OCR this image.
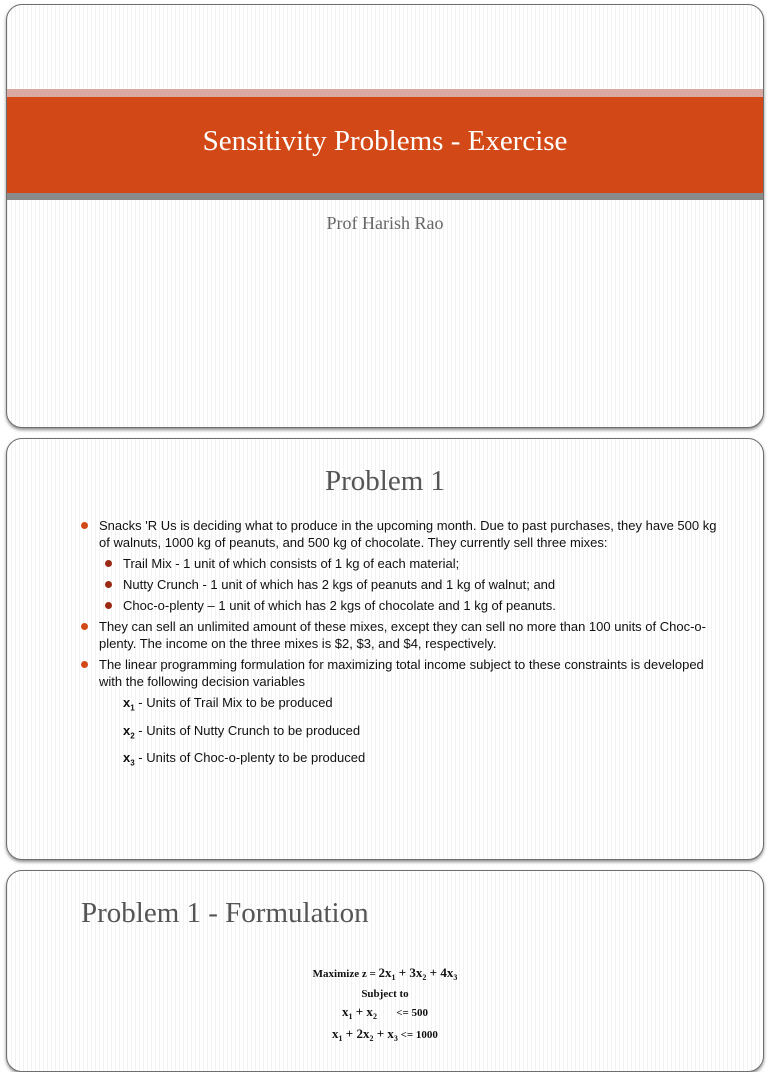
Sensitivity Problems - Exercise
Prof Harish Rao
Problem 1
Snacks 'R Us is deciding what to produce in the upcoming month. Due to past purchases, they have 500 kg of walnuts, 1000 kg of peanuts, and 500 kg of chocolate. They currently sell three mixes:
Trail Mix - 1 unit of which consists of 1 kg of each material;
Nutty Crunch - 1 unit of which has 2 kgs of peanuts and 1 kg of walnut; and
Choc-o-plenty – 1 unit of which has 2 kgs of chocolate and 1 kg of peanuts.
They can sell an unlimited amount of these mixes, except they can sell no more than 100 units of Choc-o-plenty. The income on the three mixes is $2, $3, and $4, respectively.
The linear programming formulation for maximizing total income subject to these constraints is developed with the following decision variables
$x_1$ - Units of Trail Mix to be produced
$x_2$ - Units of Nutty Crunch to be produced
$x_3$ - Units of Choc-o-plenty to be produced
Problem 1 - Formulation
Maximize $z = 2x_1 + 3x_2 + 4x_3$
Subject to
$x_1 + x_2$       <= 500
$x_1 + 2x_2 + x_3 <= 1000$
